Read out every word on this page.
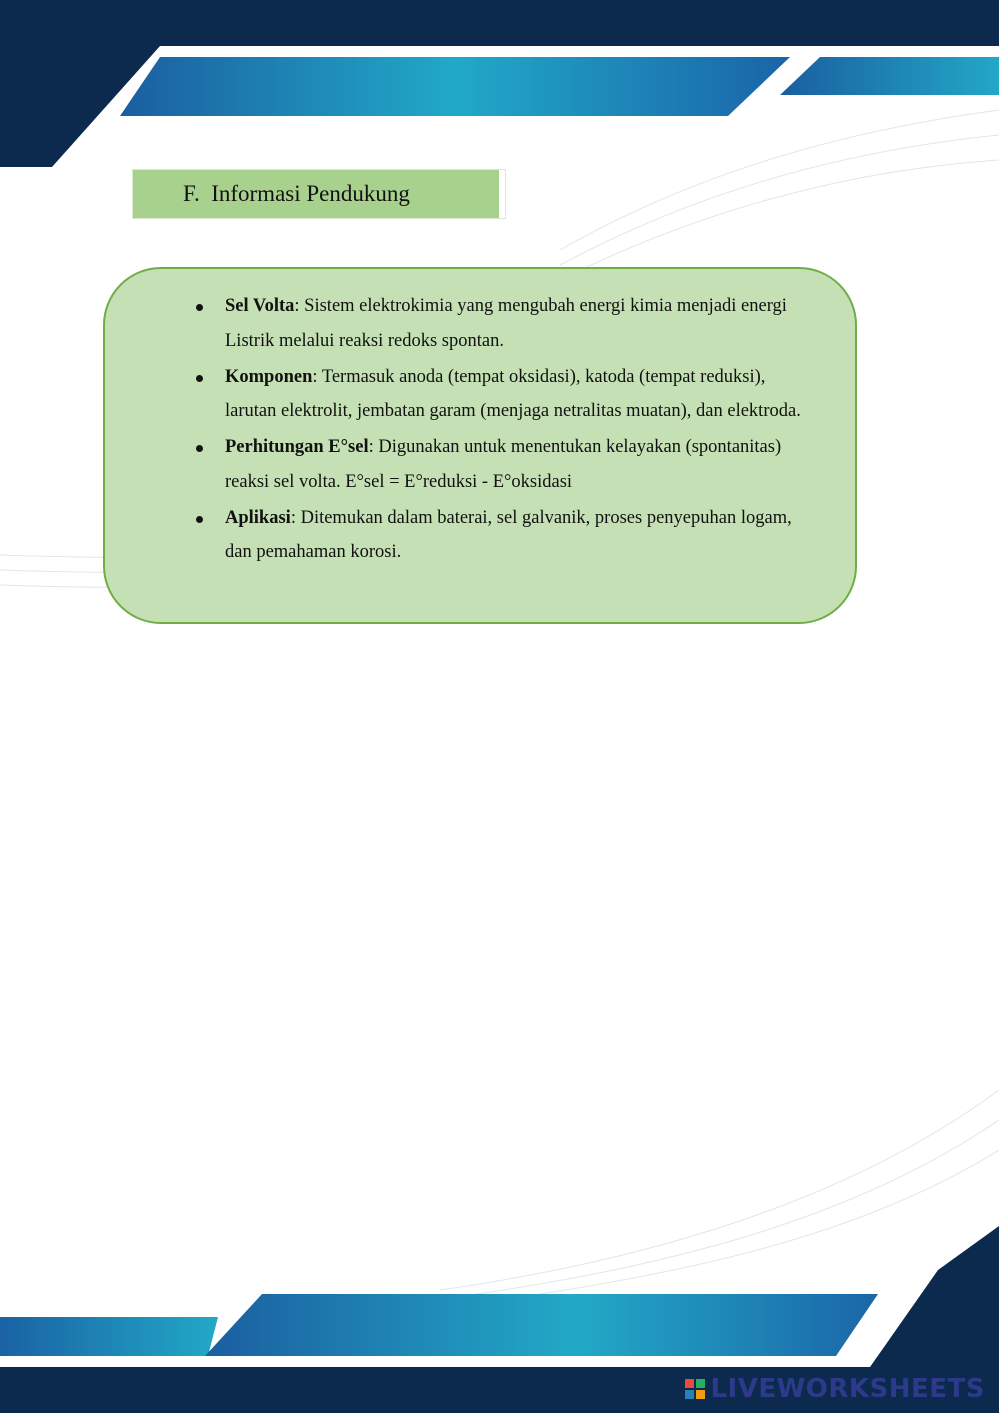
F. Informasi Pendukung
Sel Volta: Sistem elektrokimia yang mengubah energi kimia menjadi energi Listrik melalui reaksi redoks spontan.
Komponen: Termasuk anoda (tempat oksidasi), katoda (tempat reduksi), larutan elektrolit, jembatan garam (menjaga netralitas muatan), dan elektroda.
Perhitungan E°sel: Digunakan untuk menentukan kelayakan (spontanitas) reaksi sel volta. E°sel = E°reduksi - E°oksidasi
Aplikasi: Ditemukan dalam baterai, sel galvanik, proses penyepuhan logam, dan pemahaman korosi.
LIVEWORKSHEETS
